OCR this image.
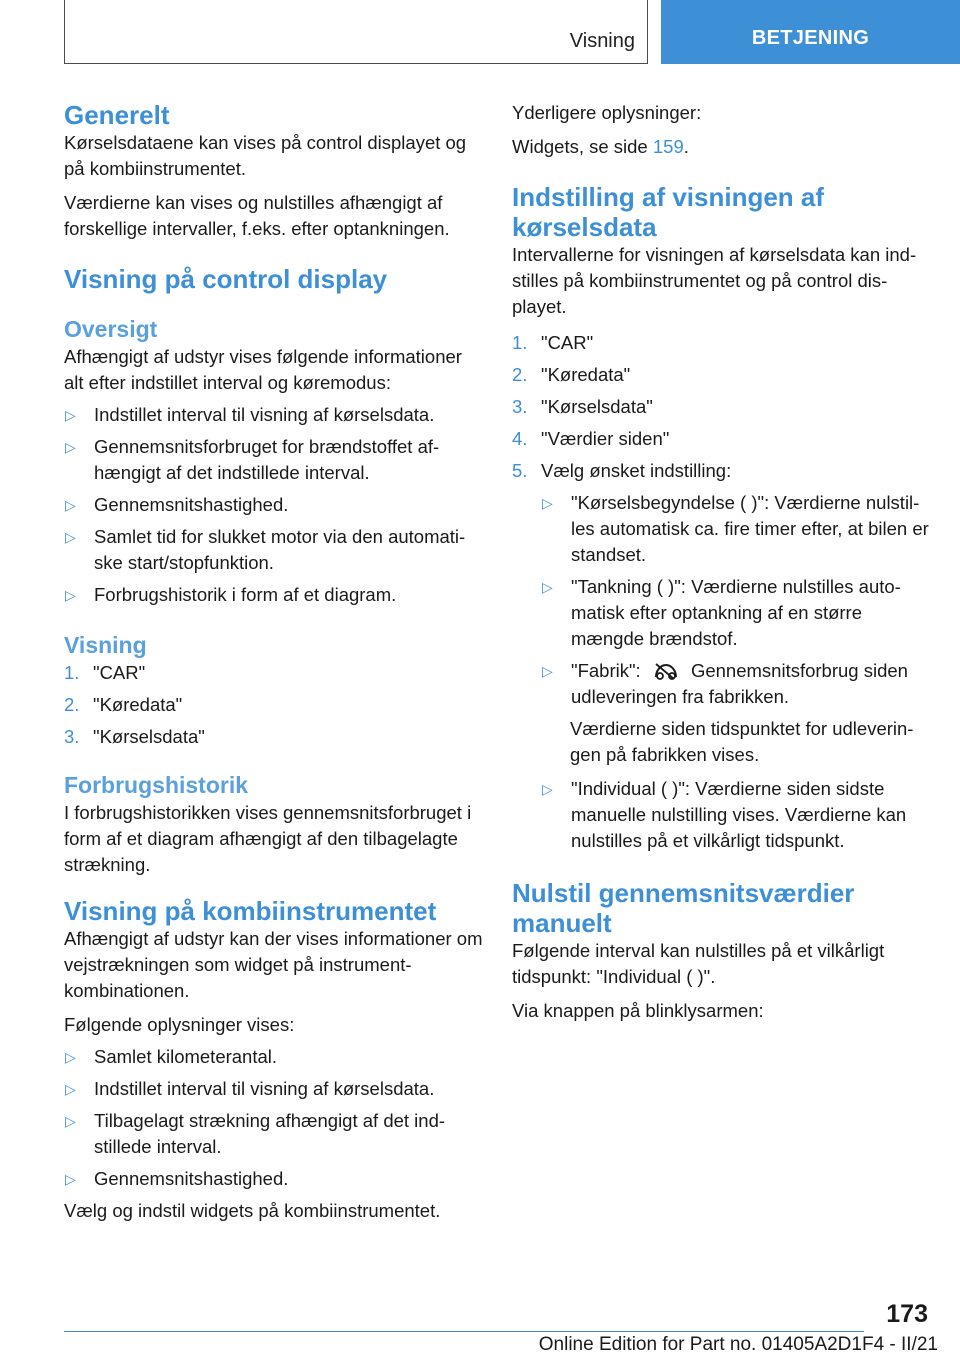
Visning	BETJENING
Generelt

Kørselsdataene kan vises på control displayet og på kombiinstrumentet.

Værdierne kan vises og nulstilles afhængigt af forskellige intervaller, f.eks. efter optankningen.

Visning på control display
Oversigt

Afhængigt af udstyr vises følgende informationer alt efter indstillet interval og køremodus:

▷ Indstillet interval til visning af kørselsdata.
▷ Gennemsnitsforbruget for brændstoffet af-hængigt af det indstillede interval.
▷ Gennemsnitshastighed.
▷ Samlet tid for slukket motor via den automati-ske start/stopfunktion.
▷ Forbrugshistorik i form af et diagram.
Visning
1. "CAR"
2. "Køredata"
3. "Kørselsdata"
Forbrugshistorik

I forbrugshistorikken vises gennemsnitsforbruget i form af et diagram afhængigt af den tilbagelagte strækning.

Visning på kombiinstrumentet

Afhængigt af udstyr kan der vises informationer om vejstrækningen som widget på instrument-kombinationen.

Følgende oplysninger vises:

▷ Samlet kilometerantal.
▷ Indstillet interval til visning af kørselsdata.
▷ Tilbagelagt strækning afhængigt af det ind-stillede interval.
▷ Gennemsnitshastighed.

Vælg og indstil widgets på kombiinstrumentet.

Yderligere oplysninger:

Widgets, se side 159.

Indstilling af visningen af kørselsdata

Intervallerne for visningen af kørselsdata kan ind-stilles på kombiinstrumentet og på control dis-playet.

1. "CAR"
2. "Køredata"
3. "Kørselsdata"
4. "Værdier siden"
5. Vælg ønsket indstilling:
▷ "Kørselsbegyndelse ( )": Værdierne nulstil-les automatisk ca. fire timer efter, at bilen er standset.
▷ "Tankning ( )": Værdierne nulstilles auto-matisk efter optankning af en større mængde brændstof.
▷ "Fabrik":	Gennemsnitsforbrug siden udleveringen fra fabrikken.

Værdierne siden tidspunktet for udleverin-gen på fabrikken vises.

▷ "Individual ( )": Værdierne siden sidste manuelle nulstilling vises. Værdierne kan nulstilles på et vilkårligt tidspunkt.
Nulstil gennemsnitsværdier manuelt

Følgende interval kan nulstilles på et vilkårligt tidspunkt: "Individual ( )".

Via knappen på blinklysarmen:

173
Online Edition for Part no. 01405A2D1F4 - II/21
